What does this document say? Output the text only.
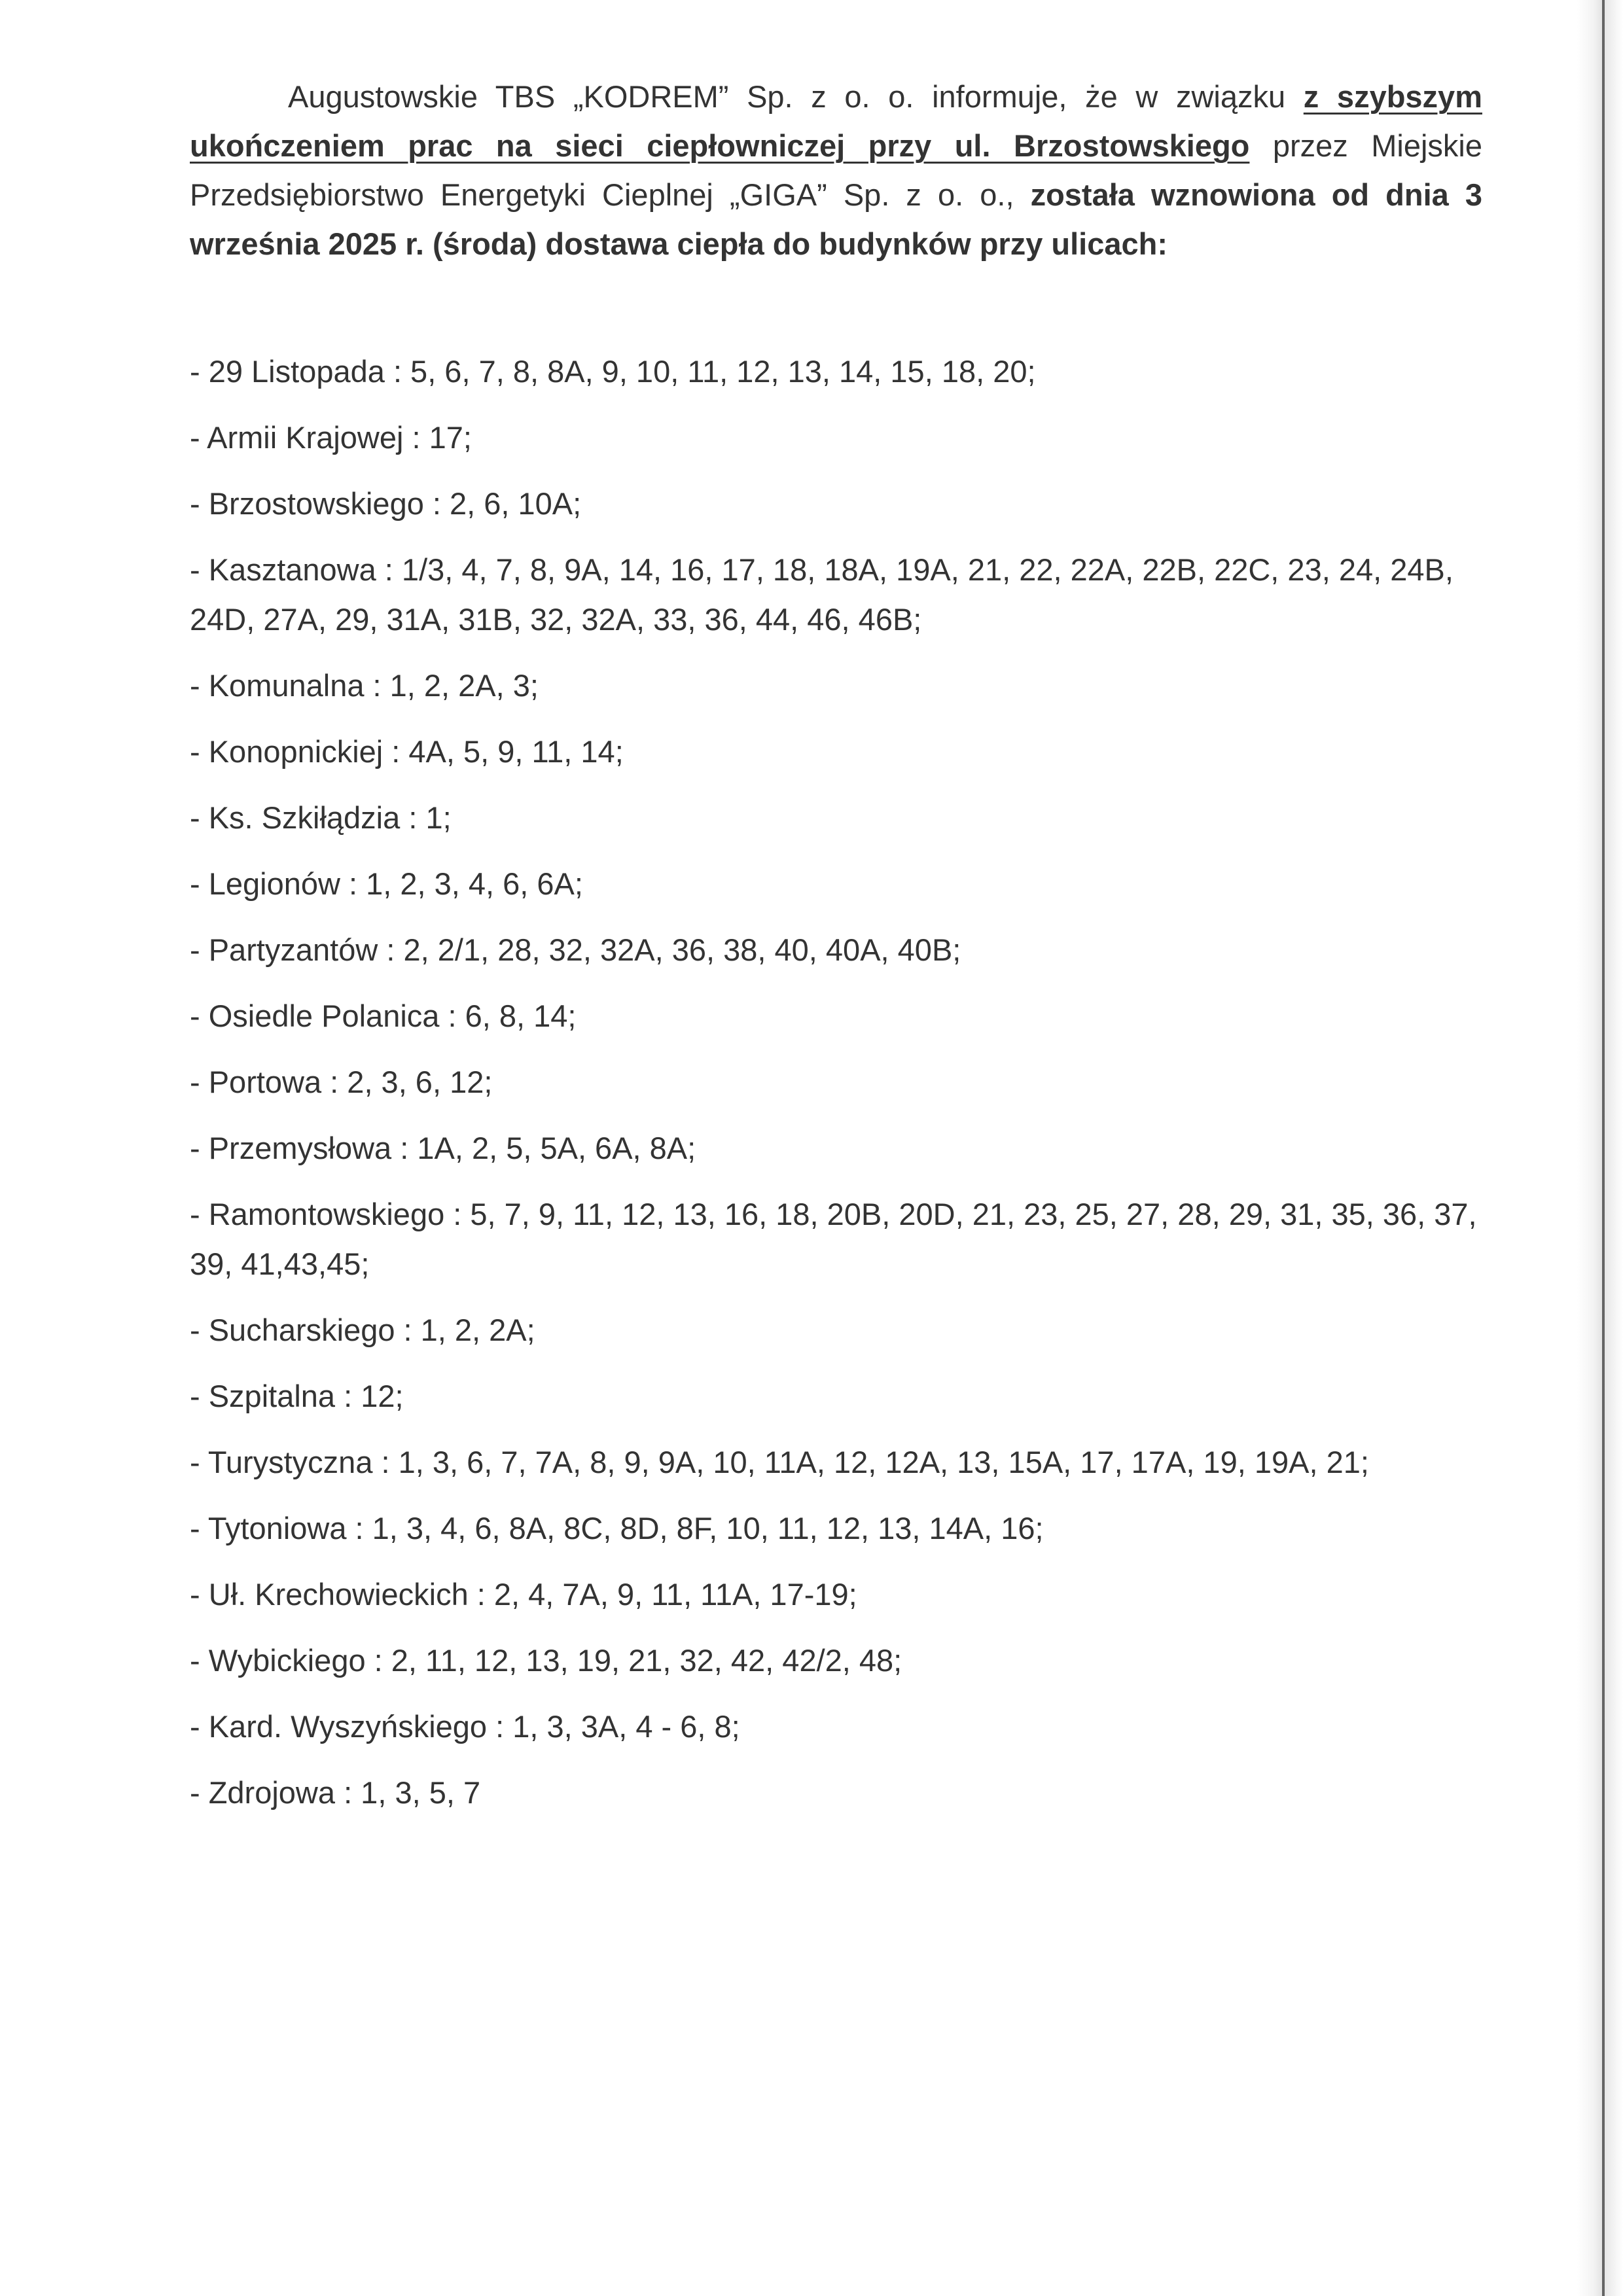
Augustowskie TBS „KODREM” Sp. z o. o. informuje, że w związku z szybszym ukończeniem prac na sieci ciepłowniczej przy ul. Brzostowskiego przez Miejskie Przedsiębiorstwo Energetyki Cieplnej „GIGA” Sp. z o. o., została wznowiona od dnia 3 września 2025 r. (środa) dostawa ciepła do budynków przy ulicach:

- 29 Listopada : 5, 6, 7, 8, 8A, 9, 10, 11, 12, 13, 14, 15, 18, 20;
- Armii Krajowej : 17;
- Brzostowskiego : 2, 6, 10A;
- Kasztanowa : 1/3, 4, 7, 8, 9A, 14, 16, 17, 18, 18A, 19A, 21, 22, 22A, 22B, 22C, 23, 24, 24B, 24D, 27A, 29, 31A, 31B, 32, 32A, 33, 36, 44, 46, 46B;
- Komunalna : 1, 2, 2A, 3;
- Konopnickiej : 4A, 5, 9, 11, 14;
- Ks. Szkiłądzia : 1;
- Legionów : 1, 2, 3, 4, 6, 6A;
- Partyzantów : 2, 2/1, 28, 32, 32A, 36, 38, 40, 40A, 40B;
- Osiedle Polanica : 6, 8, 14;
- Portowa : 2, 3, 6, 12;
- Przemysłowa : 1A, 2, 5, 5A, 6A, 8A;
- Ramontowskiego : 5, 7, 9, 11, 12, 13, 16, 18, 20B, 20D, 21, 23, 25, 27, 28, 29, 31, 35, 36, 37, 39, 41,43,45;
- Sucharskiego : 1, 2, 2A;
- Szpitalna : 12;
- Turystyczna : 1, 3, 6, 7, 7A, 8, 9, 9A, 10, 11A, 12, 12A, 13, 15A, 17, 17A, 19, 19A, 21;
- Tytoniowa : 1, 3, 4, 6, 8A, 8C, 8D, 8F, 10, 11, 12, 13, 14A, 16;
- Uł. Krechowieckich : 2, 4, 7A, 9, 11, 11A, 17-19;
- Wybickiego : 2, 11, 12, 13, 19, 21, 32, 42, 42/2, 48;
- Kard. Wyszyńskiego : 1, 3, 3A, 4 - 6, 8;
- Zdrojowa : 1, 3, 5, 7
